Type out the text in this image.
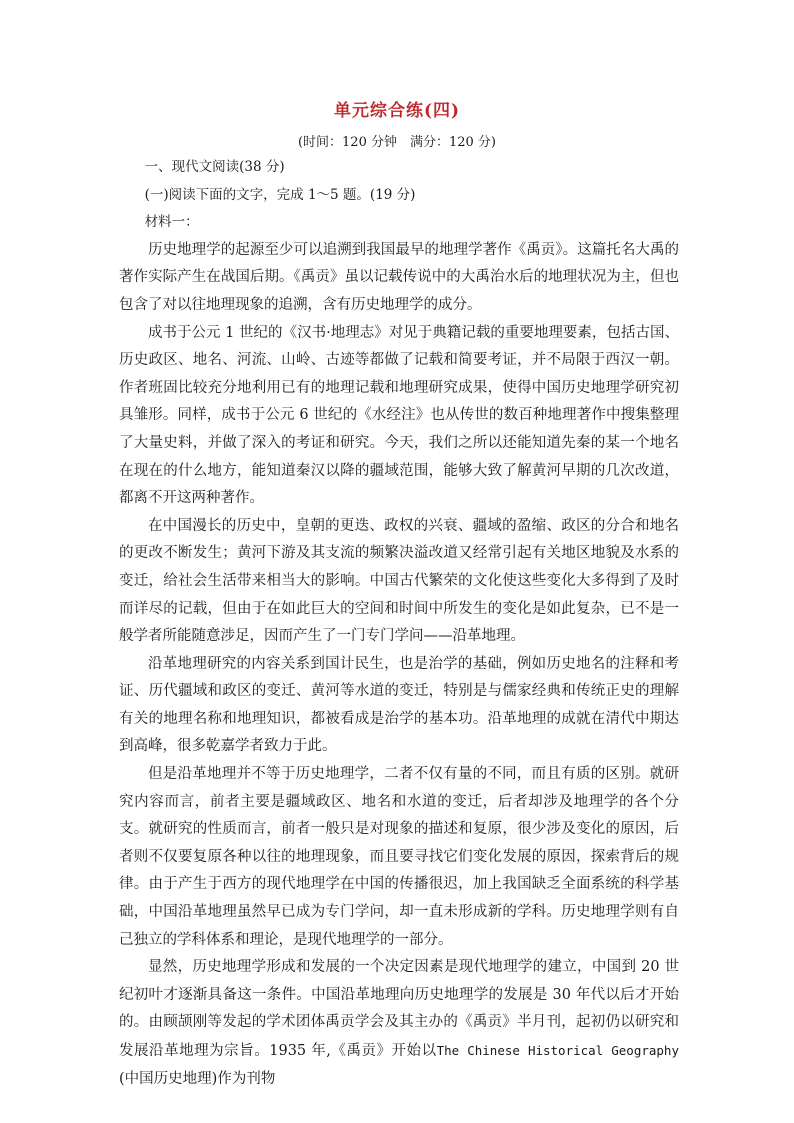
单元综合练(四)
(时间：120 分钟　满分：120 分)

一、现代文阅读(38 分)

(一)阅读下面的文字，完成 1～5 题。(19 分)

材料一：

历史地理学的起源至少可以追溯到我国最早的地理学著作《禹贡》。这篇托名大禹的著作实际产生在战国后期。《禹贡》虽以记载传说中的大禹治水后的地理状况为主，但也包含了对以往地理现象的追溯，含有历史地理学的成分。

成书于公元 1 世纪的《汉书·地理志》对见于典籍记载的重要地理要素，包括古国、历史政区、地名、河流、山岭、古迹等都做了记载和简要考证，并不局限于西汉一朝。作者班固比较充分地利用已有的地理记载和地理研究成果，使得中国历史地理学研究初具雏形。同样，成书于公元 6 世纪的《水经注》也从传世的数百种地理著作中搜集整理了大量史料，并做了深入的考证和研究。今天，我们之所以还能知道先秦的某一个地名在现在的什么地方，能知道秦汉以降的疆域范围，能够大致了解黄河早期的几次改道，都离不开这两种著作。

在中国漫长的历史中，皇朝的更迭、政权的兴衰、疆域的盈缩、政区的分合和地名的更改不断发生；黄河下游及其支流的频繁决溢改道又经常引起有关地区地貌及水系的变迁，给社会生活带来相当大的影响。中国古代繁荣的文化使这些变化大多得到了及时而详尽的记载，但由于在如此巨大的空间和时间中所发生的变化是如此复杂，已不是一般学者所能随意涉足，因而产生了一门专门学问——沿革地理。

沿革地理研究的内容关系到国计民生，也是治学的基础，例如历史地名的注释和考证、历代疆域和政区的变迁、黄河等水道的变迁，特别是与儒家经典和传统正史的理解有关的地理名称和地理知识，都被看成是治学的基本功。沿革地理的成就在清代中期达到高峰，很多乾嘉学者致力于此。

但是沿革地理并不等于历史地理学，二者不仅有量的不同，而且有质的区别。就研究内容而言，前者主要是疆域政区、地名和水道的变迁，后者却涉及地理学的各个分支。就研究的性质而言，前者一般只是对现象的描述和复原，很少涉及变化的原因，后者则不仅要复原各种以往的地理现象，而且要寻找它们变化发展的原因，探索背后的规律。由于产生于西方的现代地理学在中国的传播很迟，加上我国缺乏全面系统的科学基础，中国沿革地理虽然早已成为专门学问，却一直未形成新的学科。历史地理学则有自己独立的学科体系和理论，是现代地理学的一部分。

显然，历史地理学形成和发展的一个决定因素是现代地理学的建立，中国到 20 世纪初叶才逐渐具备这一条件。中国沿革地理向历史地理学的发展是 30 年代以后才开始的。由顾颉刚等发起的学术团体禹贡学会及其主办的《禹贡》半月刊，起初仍以研究和发展沿革地理为宗旨。1935 年,《禹贡》开始以The Chinese Historical Geography (中国历史地理)作为刊物
